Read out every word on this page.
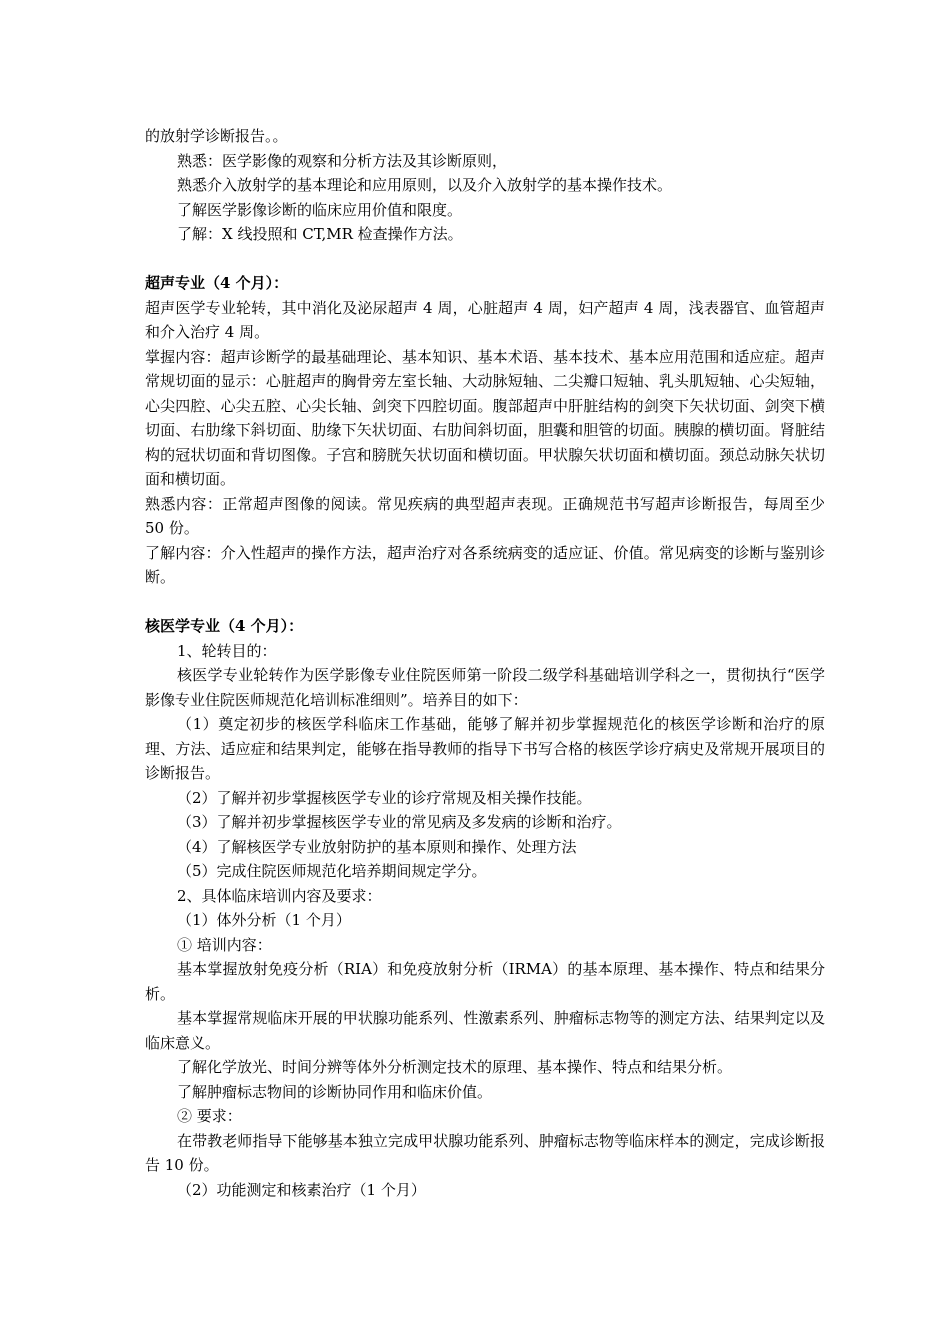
的放射学诊断报告。。

熟悉：医学影像的观察和分析方法及其诊断原则，

熟悉介入放射学的基本理论和应用原则，以及介入放射学的基本操作技术。

了解医学影像诊断的临床应用价值和限度。

了解：X 线投照和 CT,MR 检查操作方法。

超声专业（4 个月）：

超声医学专业轮转，其中消化及泌尿超声 4 周，心脏超声 4 周，妇产超声 4 周，浅表器官、血管超声和介入治疗 4 周。

掌握内容：超声诊断学的最基础理论、基本知识、基本术语、基本技术、基本应用范围和适应症。超声常规切面的显示：心脏超声的胸骨旁左室长轴、大动脉短轴、二尖瓣口短轴、乳头肌短轴、心尖短轴，心尖四腔、心尖五腔、心尖长轴、剑突下四腔切面。腹部超声中肝脏结构的剑突下矢状切面、剑突下横切面、右肋缘下斜切面、肋缘下矢状切面、右肋间斜切面，胆囊和胆管的切面。胰腺的横切面。肾脏结构的冠状切面和背切图像。子宫和膀胱矢状切面和横切面。甲状腺矢状切面和横切面。颈总动脉矢状切面和横切面。

熟悉内容：正常超声图像的阅读。常见疾病的典型超声表现。正确规范书写超声诊断报告，每周至少 50 份。

了解内容：介入性超声的操作方法，超声治疗对各系统病变的适应证、价值。常见病变的诊断与鉴别诊断。

核医学专业（4 个月）：

1、轮转目的：

核医学专业轮转作为医学影像专业住院医师第一阶段二级学科基础培训学科之一，贯彻执行“医学影像专业住院医师规范化培训标准细则”。培养目的如下：

（1）奠定初步的核医学科临床工作基础，能够了解并初步掌握规范化的核医学诊断和治疗的原理、方法、适应症和结果判定，能够在指导教师的指导下书写合格的核医学诊疗病史及常规开展项目的诊断报告。

（2）了解并初步掌握核医学专业的诊疗常规及相关操作技能。

（3）了解并初步掌握核医学专业的常见病及多发病的诊断和治疗。

（4）了解核医学专业放射防护的基本原则和操作、处理方法

（5）完成住院医师规范化培养期间规定学分。

2、具体临床培训内容及要求：

（1）体外分析（1 个月）

① 培训内容：

基本掌握放射免疫分析（RIA）和免疫放射分析（IRMA）的基本原理、基本操作、特点和结果分析。

基本掌握常规临床开展的甲状腺功能系列、性激素系列、肿瘤标志物等的测定方法、结果判定以及临床意义。

了解化学放光、时间分辨等体外分析测定技术的原理、基本操作、特点和结果分析。

了解肿瘤标志物间的诊断协同作用和临床价值。

② 要求：

在带教老师指导下能够基本独立完成甲状腺功能系列、肿瘤标志物等临床样本的测定，完成诊断报告 10 份。

（2）功能测定和核素治疗（1 个月）
